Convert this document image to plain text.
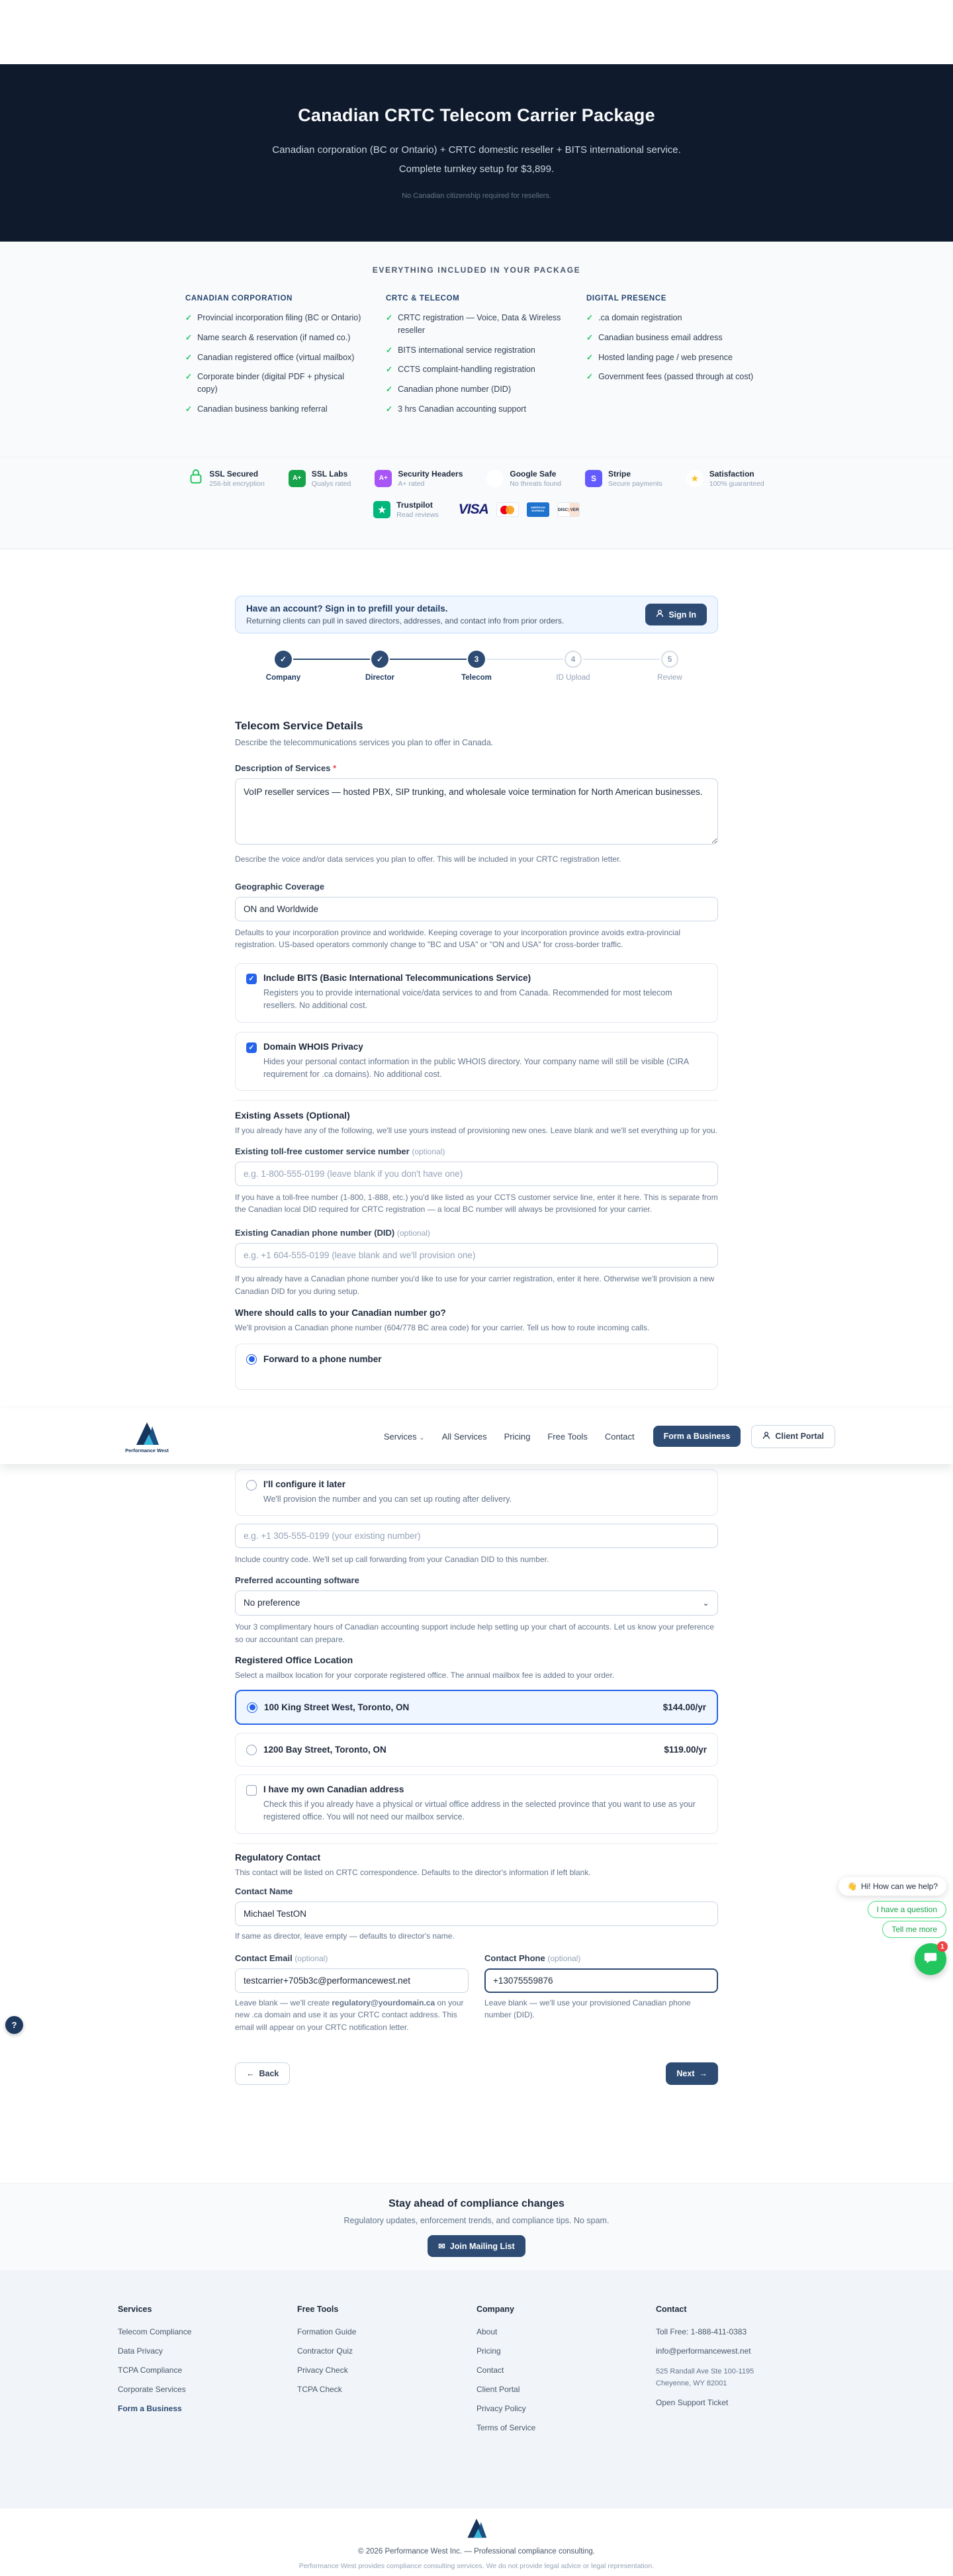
Canadian CRTC Telecom Carrier Package
Canadian corporation (BC or Ontario) + CRTC domestic reseller + BITS international service. Complete turnkey setup for $3,899.
No Canadian citizenship required for resellers.
EVERYTHING INCLUDED IN YOUR PACKAGE
CANADIAN CORPORATION
✓ Provincial incorporation filing (BC or Ontario)
✓ Name search & reservation (if named co.)
✓ Canadian registered office (virtual mailbox)
✓ Corporate binder (digital PDF + physical copy)
✓ Canadian business banking referral
CRTC & TELECOM
✓ CRTC registration — Voice, Data & Wireless reseller
✓ BITS international service registration
✓ CCTS complaint-handling registration
✓ Canadian phone number (DID)
✓ 3 hrs Canadian accounting support
DIGITAL PRESENCE
✓ .ca domain registration
✓ Canadian business email address
✓ Hosted landing page / web presence
✓ Government fees (passed through at cost)
SSL Secured
256-bit encryption
A+	SSL Labs
Qualys rated
A+	Security Headers
A+ rated
✓	Google Safe
No threats found
S	Stripe
Secure payments
★	Satisfaction
100% guaranteed
★	Trustpilot
Read reviews VISA	AMERICAN EXPRESS	DISC VER
Have an account? Sign in to prefill your details.
Returning clients can pull in saved directors, addresses, and contact info from prior orders.
Sign In
✓
Company
✓
Director
3
Telecom
4
ID Upload
5
Review
Telecom Service Details
Describe the telecommunications services you plan to offer in Canada.
Description of Services *
VoIP reseller services — hosted PBX, SIP trunking, and wholesale voice termination for North American businesses.
Describe the voice and/or data services you plan to offer. This will be included in your CRTC registration letter.
Geographic Coverage
ON and Worldwide
Defaults to your incorporation province and worldwide. Keeping coverage to your incorporation province avoids extra-provincial registration. US-based operators commonly change to "BC and USA" or "ON and USA" for cross-border traffic.
✓ Include BITS (Basic International Telecommunications Service)
Registers you to provide international voice/data services to and from Canada. Recommended for most telecom resellers. No additional cost.
✓ Domain WHOIS Privacy
Hides your personal contact information in the public WHOIS directory. Your company name will still be visible (CIRA requirement for .ca domains). No additional cost.
Existing Assets (Optional)
If you already have any of the following, we'll use yours instead of provisioning new ones. Leave blank and we'll set everything up for you.
Existing toll-free customer service number (optional)
e.g. 1-800-555-0199 (leave blank if you don't have one)
If you have a toll-free number (1-800, 1-888, etc.) you'd like listed as your CCTS customer service line, enter it here. This is separate from the Canadian local DID required for CRTC registration — a local BC number will always be provisioned for your carrier.
Existing Canadian phone number (DID) (optional)
e.g. +1 604-555-0199 (leave blank and we'll provision one)
If you already have a Canadian phone number you'd like to use for your carrier registration, enter it here. Otherwise we'll provision a new Canadian DID for you during setup.
Where should calls to your Canadian number go?
We'll provision a Canadian phone number (604/778 BC area code) for your carrier. Tell us how to route incoming calls.
Forward to a phone number
Performance West
Services ⌄ All Services Pricing Free Tools Contact	Form a Business	Client Portal
I'll configure it later
We'll provision the number and you can set up routing after delivery.
e.g. +1 305-555-0199 (your existing number)
Include country code. We'll set up call forwarding from your Canadian DID to this number.
Preferred accounting software
No preference	⌄
Your 3 complimentary hours of Canadian accounting support include help setting up your chart of accounts. Let us know your preference so our accountant can prepare.
Registered Office Location
Select a mailbox location for your corporate registered office. The annual mailbox fee is added to your order.
100 King Street West, Toronto, ON	$144.00/yr
1200 Bay Street, Toronto, ON	$119.00/yr
I have my own Canadian address
Check this if you already have a physical or virtual office address in the selected province that you want to use as your registered office. You will not need our mailbox service.
Regulatory Contact
This contact will be listed on CRTC correspondence. Defaults to the director's information if left blank.
Contact Name
Michael TestON
If same as director, leave empty — defaults to director's name.
Contact Email (optional)
testcarrier+705b3c@performancewest.net
Leave blank — we'll create regulatory@yourdomain.ca on your new .ca domain and use it as your CRTC contact address. This email will appear on your CRTC notification letter.
Contact Phone (optional)
+13075559876
Leave blank — we'll use your provisioned Canadian phone number (DID).
← Back	Next →
👋 Hi! How can we help?
I have a question
Tell me more
1
?
Stay ahead of compliance changes
Regulatory updates, enforcement trends, and compliance tips. No spam.
✉ Join Mailing List
Services
Telecom Compliance
Data Privacy
TCPA Compliance
Corporate Services
Form a Business
Free Tools
Formation Guide
Contractor Quiz
Privacy Check
TCPA Check
Company
About
Pricing
Contact
Client Portal
Privacy Policy
Terms of Service
Contact
Toll Free: 1-888-411-0383
info@performancewest.net
525 Randall Ave Ste 100-1195
Cheyenne, WY 82001
Open Support Ticket
© 2026 Performance West Inc. — Professional compliance consulting.
Performance West provides compliance consulting services. We do not provide legal advice or legal representation.
